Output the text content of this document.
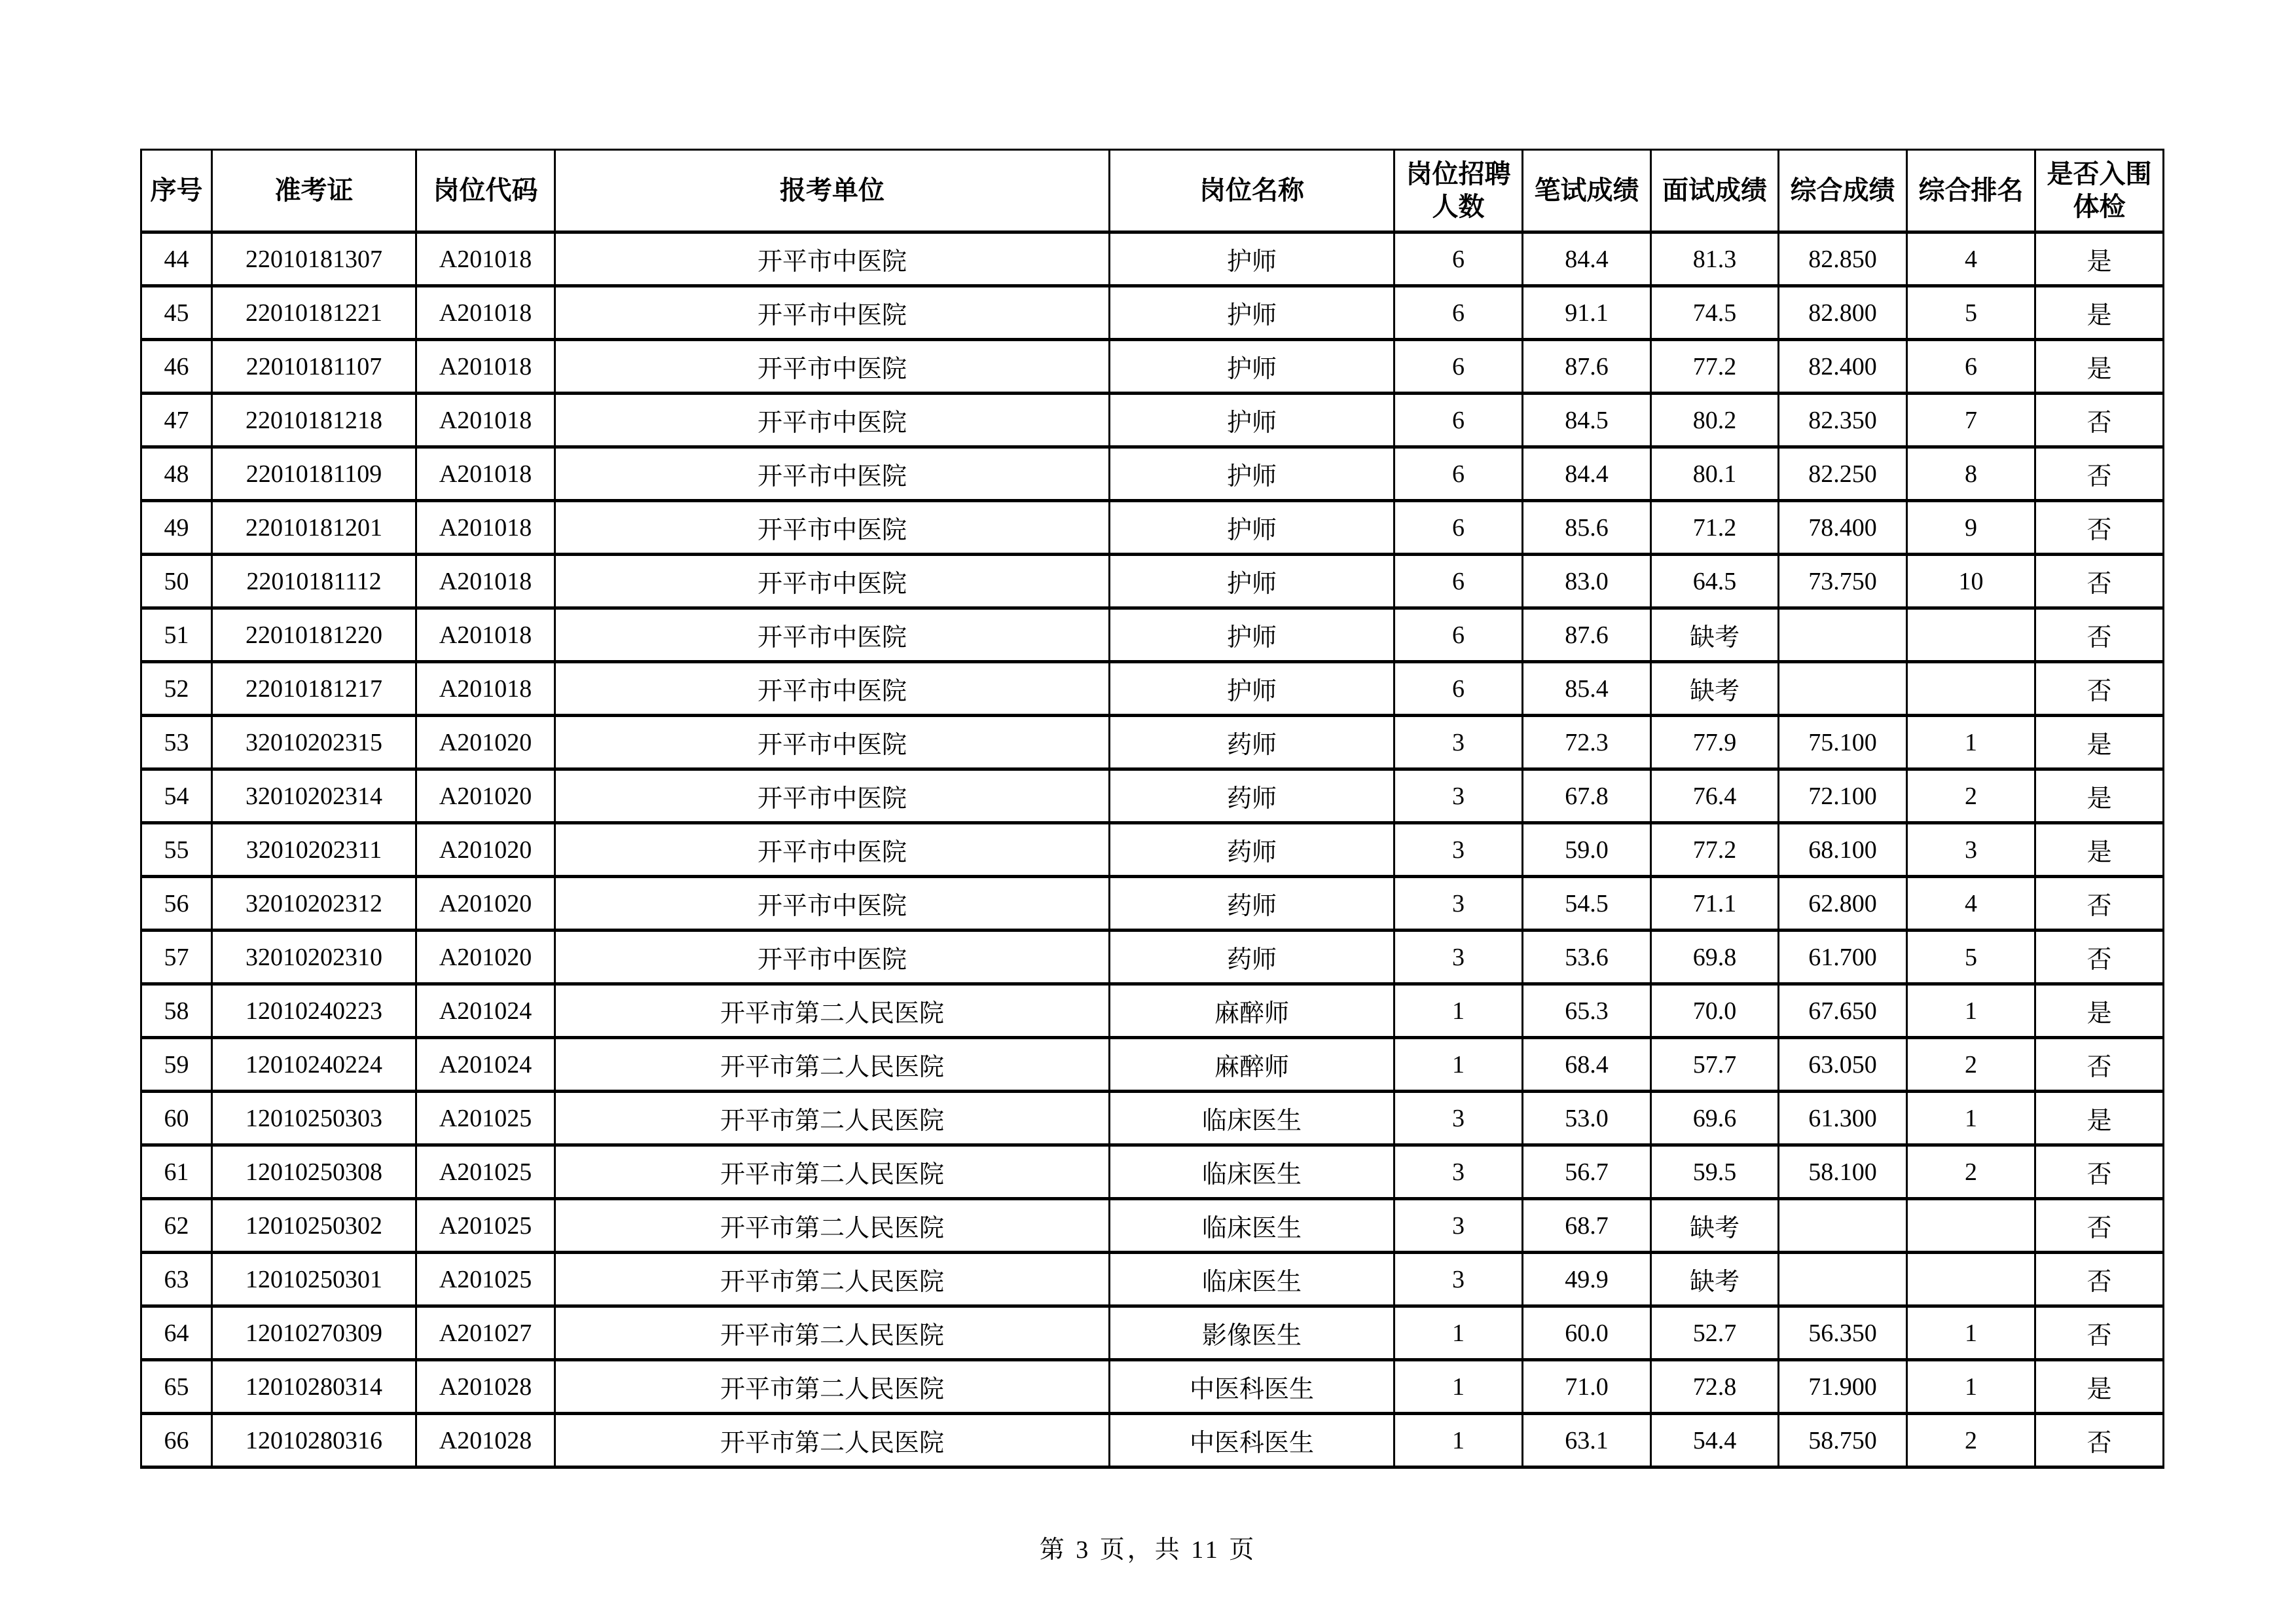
序号	准考证	岗位代码	报考单位	岗位名称	岗位招聘人数	笔试成绩	面试成绩	综合成绩	综合排名	是否入围体检
44	22010181307	A201018	开平市中医院	护师	6	84.4	81.3	82.850	4	是
45	22010181221	A201018	开平市中医院	护师	6	91.1	74.5	82.800	5	是
46	22010181107	A201018	开平市中医院	护师	6	87.6	77.2	82.400	6	是
47	22010181218	A201018	开平市中医院	护师	6	84.5	80.2	82.350	7	否
48	22010181109	A201018	开平市中医院	护师	6	84.4	80.1	82.250	8	否
49	22010181201	A201018	开平市中医院	护师	6	85.6	71.2	78.400	9	否
50	22010181112	A201018	开平市中医院	护师	6	83.0	64.5	73.750	10	否
51	22010181220	A201018	开平市中医院	护师	6	87.6	缺考			否
52	22010181217	A201018	开平市中医院	护师	6	85.4	缺考			否
53	32010202315	A201020	开平市中医院	药师	3	72.3	77.9	75.100	1	是
54	32010202314	A201020	开平市中医院	药师	3	67.8	76.4	72.100	2	是
55	32010202311	A201020	开平市中医院	药师	3	59.0	77.2	68.100	3	是
56	32010202312	A201020	开平市中医院	药师	3	54.5	71.1	62.800	4	否
57	32010202310	A201020	开平市中医院	药师	3	53.6	69.8	61.700	5	否
58	12010240223	A201024	开平市第二人民医院	麻醉师	1	65.3	70.0	67.650	1	是
59	12010240224	A201024	开平市第二人民医院	麻醉师	1	68.4	57.7	63.050	2	否
60	12010250303	A201025	开平市第二人民医院	临床医生	3	53.0	69.6	61.300	1	是
61	12010250308	A201025	开平市第二人民医院	临床医生	3	56.7	59.5	58.100	2	否
62	12010250302	A201025	开平市第二人民医院	临床医生	3	68.7	缺考			否
63	12010250301	A201025	开平市第二人民医院	临床医生	3	49.9	缺考			否
64	12010270309	A201027	开平市第二人民医院	影像医生	1	60.0	52.7	56.350	1	否
65	12010280314	A201028	开平市第二人民医院	中医科医生	1	71.0	72.8	71.900	1	是
66	12010280316	A201028	开平市第二人民医院	中医科医生	1	63.1	54.4	58.750	2	否
第 3 页，共 11 页
